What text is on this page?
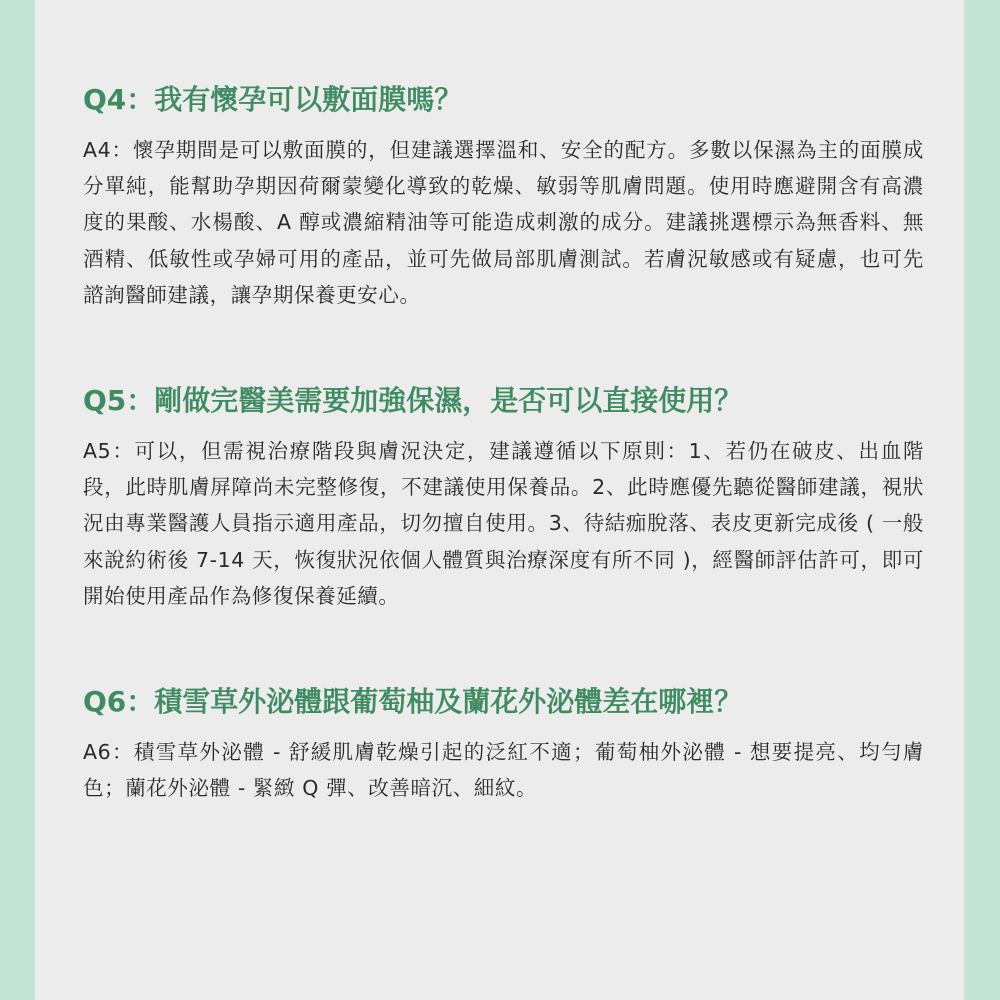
Q4：我有懷孕可以敷面膜嗎？

A4：懷孕期間是可以敷面膜的，但建議選擇溫和、安全的配方。多數以保濕為主的面膜成分單純，能幫助孕期因荷爾蒙變化導致的乾燥、敏弱等肌膚問題。使用時應避開含有高濃度的果酸、水楊酸、A 醇或濃縮精油等可能造成刺激的成分。建議挑選標示為無香料、無酒精、低敏性或孕婦可用的產品，並可先做局部肌膚測試。若膚況敏感或有疑慮，也可先諮詢醫師建議，讓孕期保養更安心。

Q5：剛做完醫美需要加強保濕，是否可以直接使用？

A5：可以，但需視治療階段與膚況決定，建議遵循以下原則：1、若仍在破皮、出血階段，此時肌膚屏障尚未完整修復，不建議使用保養品。2、此時應優先聽從醫師建議，視狀況由專業醫護人員指示適用產品，切勿擅自使用。3、待結痂脫落、表皮更新完成後 ( 一般來說約術後 7-14 天，恢復狀況依個人體質與治療深度有所不同 )，經醫師評估許可，即可開始使用產品作為修復保養延續。

Q6：積雪草外泌體跟葡萄柚及蘭花外泌體差在哪裡？

A6：積雪草外泌體 - 舒緩肌膚乾燥引起的泛紅不適；葡萄柚外泌體 - 想要提亮、均勻膚色；蘭花外泌體 - 緊緻 Q 彈、改善暗沉、細紋。
